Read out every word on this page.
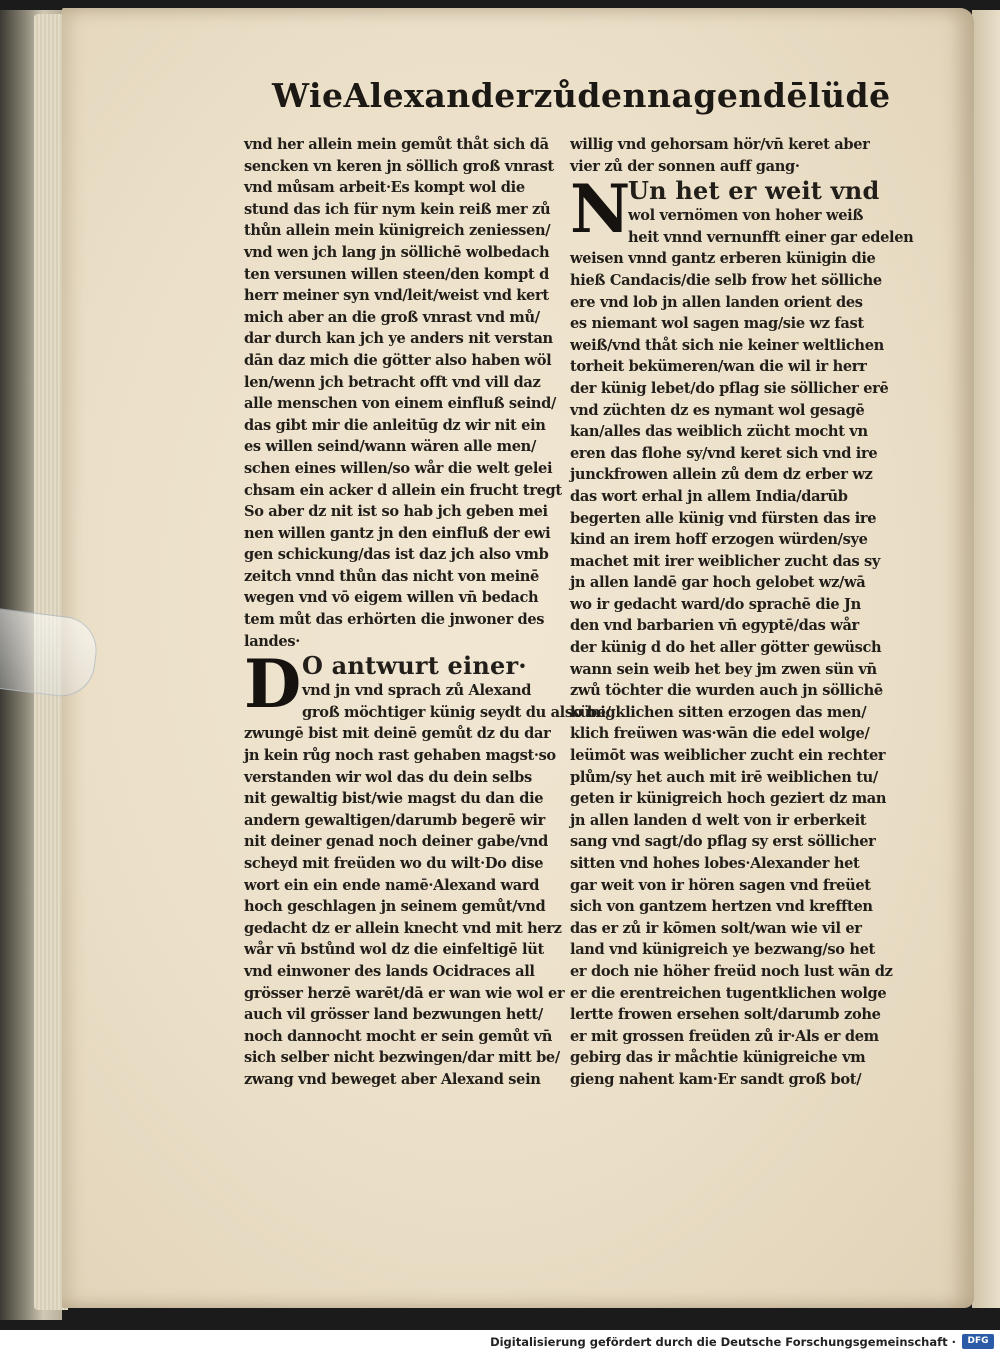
Wie Alexander zů den nagendē lüdē
vnd her allein mein gemůt thåt sich dā
sencken vn keren jn söllich groß vnrast
vnd můsam arbeit·Es kompt wol die
stund das ich für nym kein reiß mer zů
thůn allein mein künigreich zeniessen/
vnd wen jch lang jn söllichē wolbedach
ten versunen willen steen/den kompt d
herr meiner syn vnd/leit/weist vnd kert
mich aber an die groß vnrast vnd mů/
dar durch kan jch ye anders nit verstan
dān daz mich die götter also haben wöl
len/wenn jch betracht offt vnd vill daz
alle menschen von einem einfluß seind/
das gibt mir die anleitūg dz wir nit ein
es willen seind/wann wären alle men/
schen eines willen/so wår die welt gelei
chsam ein acker d allein ein frucht tregt
So aber dz nit ist so hab jch geben mei
nen willen gantz jn den einfluß der ewi
gen schickung/das ist daz jch also vmb
zeitch vnnd thůn das nicht von meinē
wegen vnd vō eigem willen vn̄ bedach
tem můt das erhörten die jnwoner des
landes·
D O antwurt einer·
vnd jn vnd sprach zů Alexand
groß möchtiger künig seydt du also be/
zwungē bist mit deinē gemůt dz du dar
jn kein růg noch rast gehaben magst·so
verstanden wir wol das du dein selbs
nit gewaltig bist/wie magst du dan die
andern gewaltigen/darumb begerē wir
nit deiner genad noch deiner gabe/vnd
scheyd mit freüden wo du wilt·Do dise
wort ein ein ende namē·Alexand ward
hoch geschlagen jn seinem gemůt/vnd
gedacht dz er allein knecht vnd mit herz
wår vn̄ bstůnd wol dz die einfeltigē lüt
vnd einwoner des lands Ocidraces all
grösser herzē warēt/dā er wan wie wol er
auch vil grösser land bezwungen hett/
noch dannocht mocht er sein gemůt vn̄
sich selber nicht bezwingen/dar mitt be/
zwang vnd beweget aber Alexand sein
willig vnd gehorsam hör/vn̄ keret aber
vier zů der sonnen auff gang·
N
Un het er weit vnd
wol vernömen von hoher weiß
heit vnnd vernunfft einer gar edelen
weisen vnnd gantz erberen künigin die
hieß Candacis/die selb frow het sölliche
ere vnd lob jn allen landen orient des
es niemant wol sagen mag/sie wz fast
weiß/vnd thåt sich nie keiner weltlichen
torheit bekümeren/wan die wil ir herr
der künig lebet/do pflag sie söllicher erē
vnd züchten dz es nymant wol gesagē
kan/alles das weiblich zücht mocht vn
eren das flohe sy/vnd keret sich vnd ire
junckfrowen allein zů dem dz erber wz
das wort erhal jn allem India/darūb
begerten alle künig vnd fürsten das ire
kind an irem hoff erzogen würden/sye
machet mit irer weiblicher zucht das sy
jn allen landē gar hoch gelobet wz/wā
wo ir gedacht ward/do sprachē die Jn
den vnd barbarien vn̄ egyptē/das wår
der künig d do het aller götter gewüsch
wann sein weib het bey jm zwen sün vn̄
zwů töchter die wurden auch jn söllichē
künigklichen sitten erzogen das men/
klich freüwen was·wān die edel wolge/
leümōt was weiblicher zucht ein rechter
plům/sy het auch mit irē weiblichen tu/
geten ir künigreich hoch geziert dz man
jn allen landen d welt von ir erberkeit
sang vnd sagt/do pflag sy erst söllicher
sitten vnd hohes lobes·Alexander het
gar weit von ir hören sagen vnd freüet
sich von gantzem hertzen vnd krefften
das er zů ir kōmen solt/wan wie vil er
land vnd künigreich ye bezwang/so het
er doch nie höher freüd noch lust wān dz
er die erentreichen tugentklichen wolge
lertte frowen ersehen solt/darumb zohe
er mit grossen freüden zů ir·Als er dem
gebirg das ir måchtie künigreiche vm
gieng nahent kam·Er sandt groß bot/
Digitalisierung gefördert durch die Deutsche Forschungsgemeinschaft ·	DFG
